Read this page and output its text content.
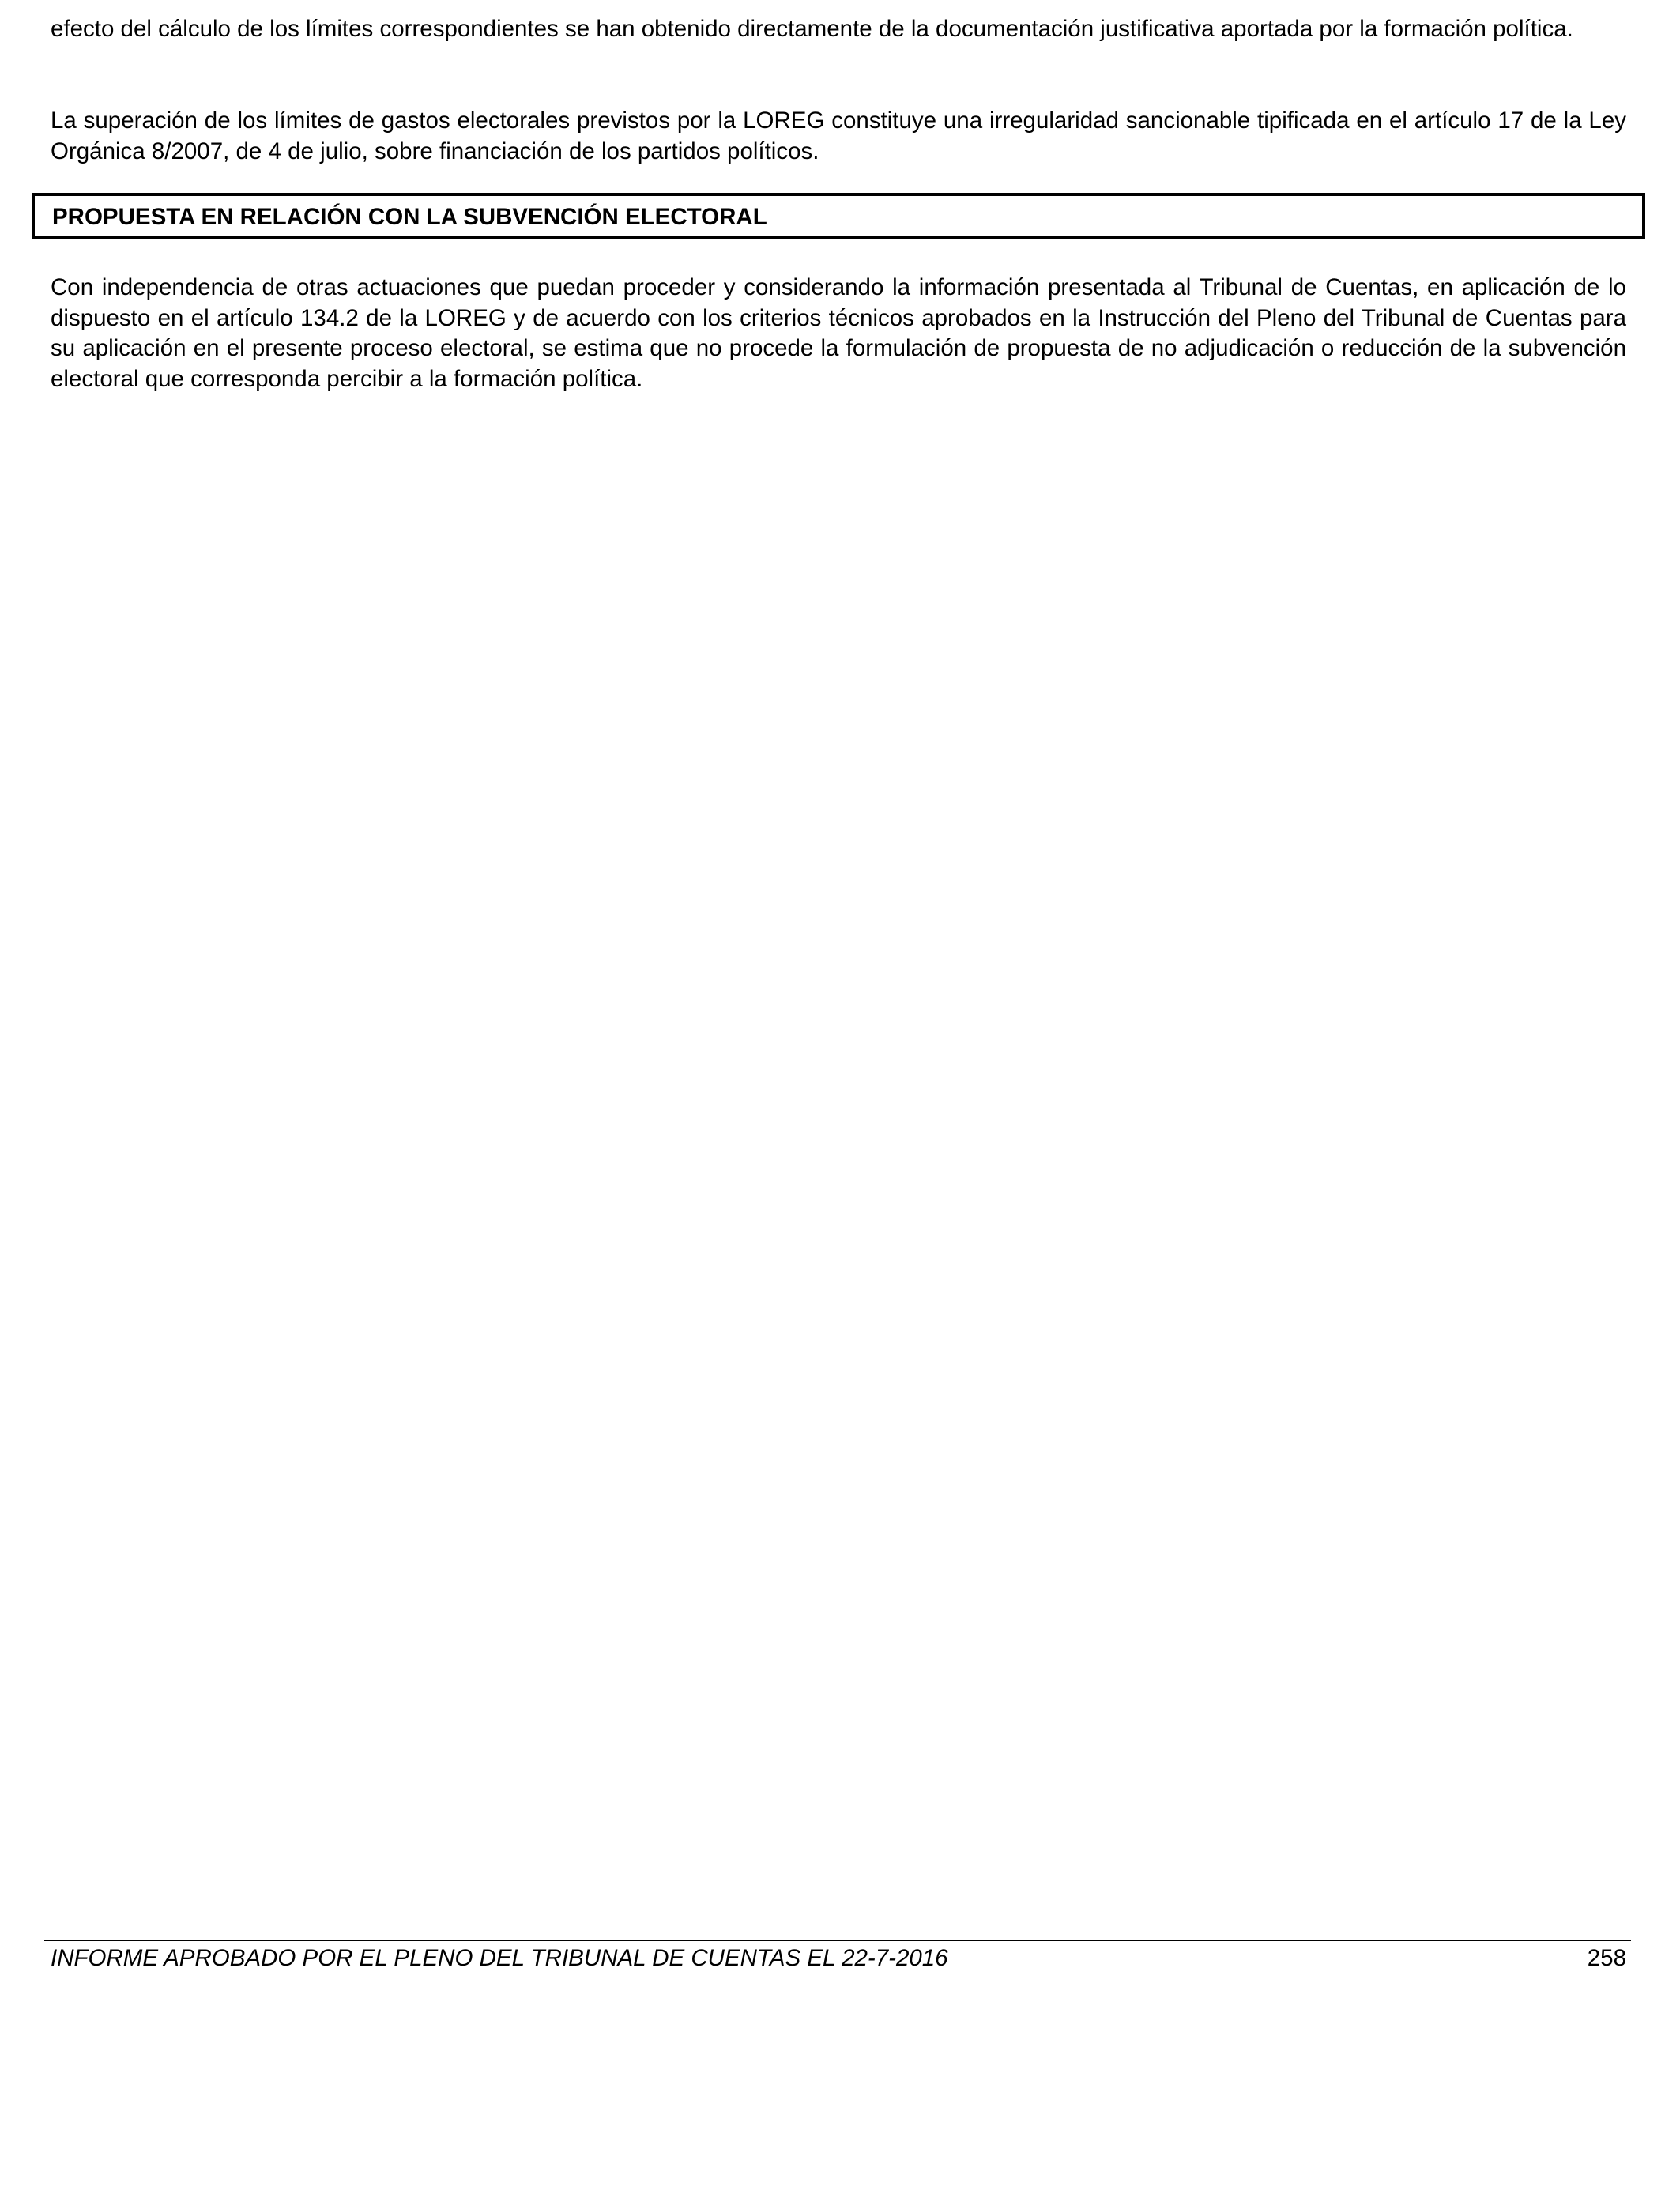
efecto del cálculo de los límites correspondientes se han obtenido directamente de la documentación justificativa aportada por la formación política.

La superación de los límites de gastos electorales previstos por la LOREG constituye una irregularidad sancionable tipificada en el artículo 17 de la Ley Orgánica 8/2007, de 4 de julio, sobre financiación de los partidos políticos.

PROPUESTA EN RELACIÓN CON LA SUBVENCIÓN ELECTORAL

Con independencia de otras actuaciones que puedan proceder y considerando la información presentada al Tribunal de Cuentas, en aplicación de lo dispuesto en el artículo 134.2 de la LOREG y de acuerdo con los criterios técnicos aprobados en la Instrucción del Pleno del Tribunal de Cuentas para su aplicación en el presente proceso electoral, se estima que no procede la formulación de propuesta de no adjudicación o reducción de la subvención electoral que corresponda percibir a la formación política.

INFORME APROBADO POR EL PLENO DEL TRIBUNAL DE CUENTAS EL 22-7-2016	258
